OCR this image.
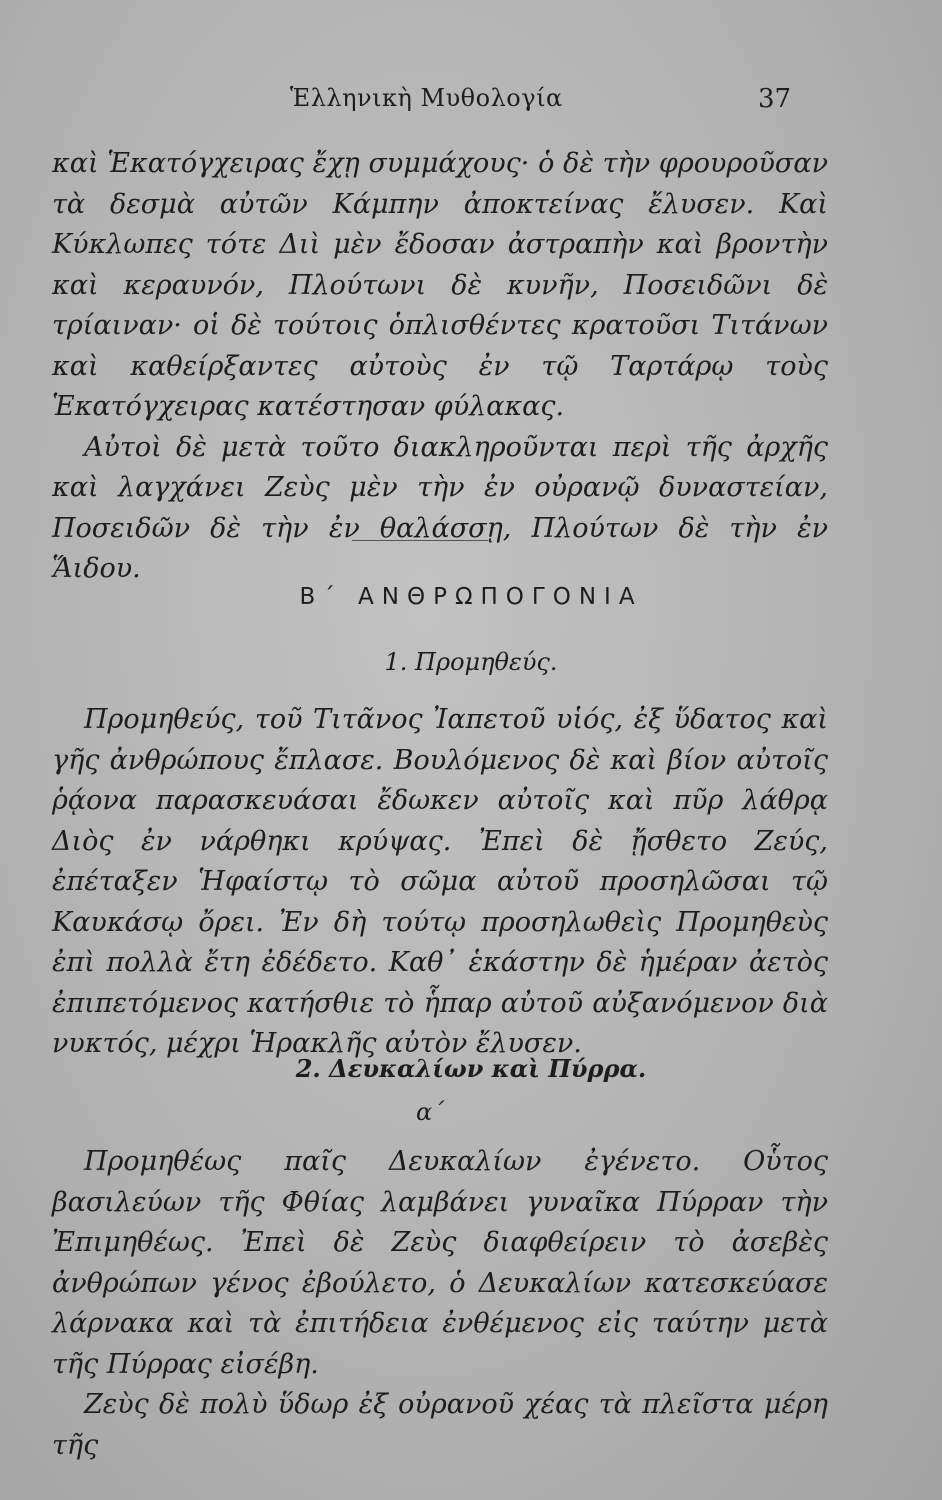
Ἑλληνικὴ Μυθολογία	37

καὶ Ἑκατόγχειρας ἔχῃ συμμάχους· ὁ δὲ τὴν φρουροῦσαν τὰ δεσμὰ αὐτῶν Κάμπην ἀποκτείνας ἔλυσεν. Καὶ Κύκλωπες τότε Διὶ μὲν ἔδοσαν ἀστραπὴν καὶ βροντὴν καὶ κεραυνόν, Πλούτωνι δὲ κυνῆν, Ποσειδῶνι δὲ τρίαιναν· οἱ δὲ τούτοις ὁπλισθέντες κρατοῦσι Τιτάνων καὶ καθείρξαντες αὐτοὺς ἐν τῷ Ταρτάρῳ τοὺς Ἑκατόγχειρας κατέστησαν φύλακας.

Αὐτοὶ δὲ μετὰ τοῦτο διακληροῦνται περὶ τῆς ἀρχῆς καὶ λαγχάνει Ζεὺς μὲν τὴν ἐν οὐρανῷ δυναστείαν, Ποσειδῶν δὲ τὴν ἐν θαλάσσῃ, Πλούτων δὲ τὴν ἐν Ἅιδου.

Β΄ ΑΝΘΡΩΠΟΓΟΝΙΑ
1. Προμηθεύς.

Προμηθεύς, τοῦ Τιτᾶνος Ἰαπετοῦ υἱός, ἐξ ὕδατος καὶ γῆς ἀνθρώπους ἔπλασε. Βουλόμενος δὲ καὶ βίον αὐτοῖς ῥᾴονα παρασκευάσαι ἔδωκεν αὐτοῖς καὶ πῦρ λάθρᾳ Διὸς ἐν νάρθηκι κρύψας. Ἐπεὶ δὲ ᾔσθετο Ζεύς, ἐπέταξεν Ἡφαίστῳ τὸ σῶμα αὐτοῦ προσηλῶσαι τῷ Καυκάσῳ ὄρει. Ἐν δὴ τούτῳ προσηλωθεὶς Προμηθεὺς ἐπὶ πολλὰ ἔτη ἐδέδετο. Καθ᾽ ἑκάστην δὲ ἡμέραν ἀετὸς ἐπιπετόμενος κατήσθιε τὸ ἧπαρ αὐτοῦ αὐξανόμενον διὰ νυκτός, μέχρι Ἡρακλῆς αὐτὸν ἔλυσεν.

2. Δευκαλίων καὶ Πύρρα.
α΄

Προμηθέως παῖς Δευκαλίων ἐγένετο. Οὗτος βασιλεύων τῆς Φθίας λαμβάνει γυναῖκα Πύρραν τὴν Ἐπιμηθέως. Ἐπεὶ δὲ Ζεὺς διαφθείρειν τὸ ἀσεβὲς ἀνθρώπων γένος ἐβούλετο, ὁ Δευκαλίων κατεσκεύασε λάρνακα καὶ τὰ ἐπιτήδεια ἐνθέμενος εἰς ταύτην μετὰ τῆς Πύρρας εἰσέβη.

Ζεὺς δὲ πολὺ ὕδωρ ἐξ οὐρανοῦ χέας τὰ πλεῖστα μέρη τῆς
